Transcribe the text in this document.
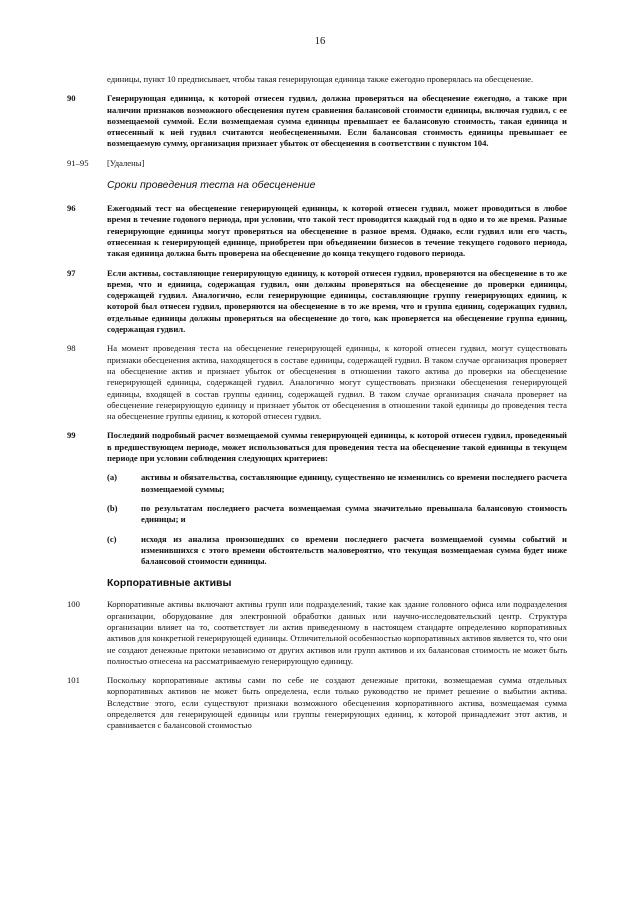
16
единицы, пункт 10 предписывает, чтобы такая генерирующая единица также ежегодно проверялась на обесценение.
90	Генерирующая единица, к которой отнесен гудвил, должна проверяться на обесценение ежегодно, а также при наличии признаков возможного обесценения путем сравнения балансовой стоимости единицы, включая гудвил, с ее возмещаемой суммой. Если возмещаемая сумма единицы превышает ее балансовую стоимость, такая единица и отнесенный к ней гудвил считаются необесцененными. Если балансовая стоимость единицы превышает ее возмещаемую сумму, организация признает убыток от обесценения в соответствии с пунктом 104.
91–95 [Удалены]
Сроки проведения теста на обесценение
96	Ежегодный тест на обесценение генерирующей единицы, к которой отнесен гудвил, может проводиться в любое время в течение годового периода, при условии, что такой тест проводится каждый год в одно и то же время. Разные генерирующие единицы могут проверяться на обесценение в разное время. Однако, если гудвил или его часть, отнесенная к генерирующей единице, приобретен при объединении бизнесов в течение текущего годового периода, такая единица должна быть проверена на обесценение до конца текущего годового периода.
97	Если активы, составляющие генерирующую единицу, к которой отнесен гудвил, проверяются на обесценение в то же время, что и единица, содержащая гудвил, они должны проверяться на обесценение до проверки единицы, содержащей гудвил. Аналогично, если генерирующие единицы, составляющие группу генерирующих единиц, к которой был отнесен гудвил, проверяются на обесценение в то же время, что и группа единиц, содержащих гудвил, отдельные единицы должны проверяться на обесценение до того, как проверяется на обесценение группа единиц, содержащая гудвил.
98	На момент проведения теста на обесценение генерирующей единицы, к которой отнесен гудвил, могут существовать признаки обесценения актива, находящегося в составе единицы, содержащей гудвил. В таком случае организация проверяет на обесценение актив и признает убыток от обесценения в отношении такого актива до проверки на обесценение генерирующей единицы, содержащей гудвил. Аналогично могут существовать признаки обесценения генерирующей единицы, входящей в состав группы единиц, содержащей гудвил. В таком случае организация сначала проверяет на обесценение генерирующую единицу и признает убыток от обесценения в отношении такой единицы до проведения теста на обесценение группы единиц, к которой отнесен гудвил.
99	Последний подробный расчет возмещаемой суммы генерирующей единицы, к которой отнесен гудвил, проведенный в предшествующем периоде, может использоваться для проведения теста на обесценение такой единицы в текущем периоде при условии соблюдения следующих критериев:
(a)	активы и обязательства, составляющие единицу, существенно не изменились со времени последнего расчета возмещаемой суммы;
(b)	по результатам последнего расчета возмещаемая сумма значительно превышала балансовую стоимость единицы; и
(c)	исходя из анализа произошедших со времени последнего расчета возмещаемой суммы событий и изменившихся с этого времени обстоятельств маловероятно, что текущая возмещаемая сумма будет ниже балансовой стоимости единицы.
Корпоративные активы
100	Корпоративные активы включают активы групп или подразделений, такие как здание головного офиса или подразделения организации, оборудование для электронной обработки данных или научно-исследовательский центр. Структура организации влияет на то, соответствует ли актив приведенному в настоящем стандарте определению корпоративных активов для конкретной генерирующей единицы. Отличительной особенностью корпоративных активов является то, что они не создают денежные притоки независимо от других активов или групп активов и их балансовая стоимость не может быть полностью отнесена на рассматриваемую генерирующую единицу.
101	Поскольку корпоративные активы сами по себе не создают денежные притоки, возмещаемая сумма отдельных корпоративных активов не может быть определена, если только руководство не примет решение о выбытии актива. Вследствие этого, если существуют признаки возможного обесценения корпоративного актива, возмещаемая сумма определяется для генерирующей единицы или группы генерирующих единиц, к которой принадлежит этот актив, и сравнивается с балансовой стоимостью
